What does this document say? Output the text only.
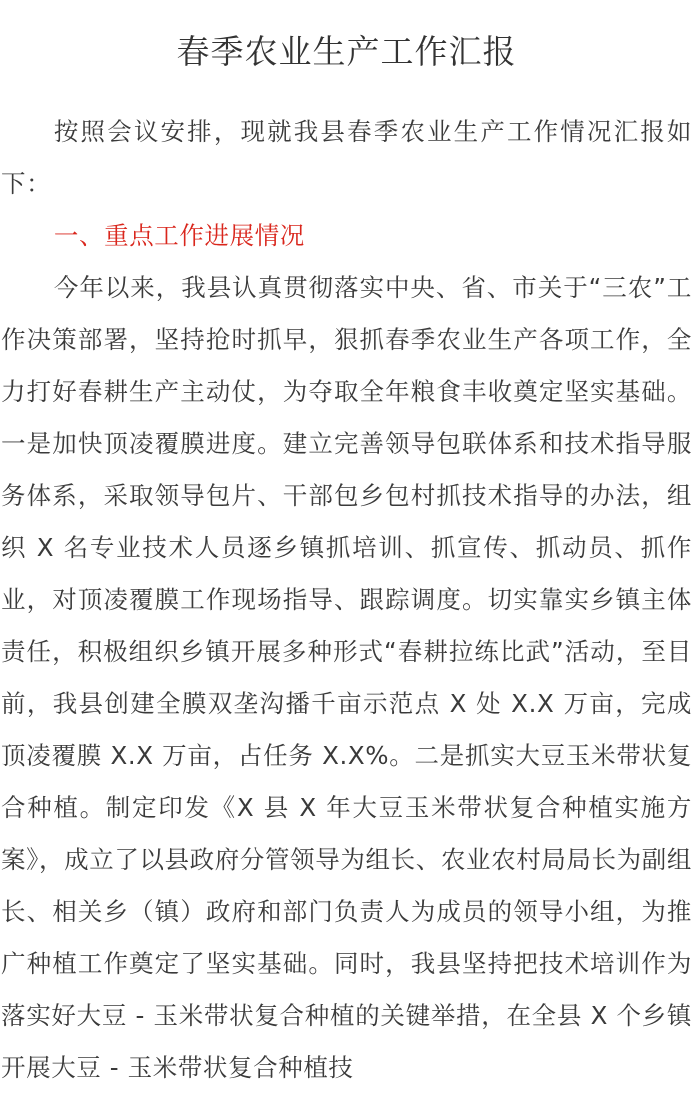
春季农业生产工作汇报

按照会议安排，现就我县春季农业生产工作情况汇报如下：

一、重点工作进展情况

今年以来，我县认真贯彻落实中央、省、市关于“三农”工作决策部署，坚持抢时抓早，狠抓春季农业生产各项工作，全力打好春耕生产主动仗，为夺取全年粮食丰收奠定坚实基础。一是加快顶凌覆膜进度。建立完善领导包联体系和技术指导服务体系，采取领导包片、干部包乡包村抓技术指导的办法，组织 X 名专业技术人员逐乡镇抓培训、抓宣传、抓动员、抓作业，对顶凌覆膜工作现场指导、跟踪调度。切实靠实乡镇主体责任，积极组织乡镇开展多种形式“春耕拉练比武”活动，至目前，我县创建全膜双垄沟播千亩示范点 X 处 X.X 万亩，完成顶凌覆膜 X.X 万亩，占任务 X.X%。二是抓实大豆玉米带状复合种植。制定印发《X 县 X 年大豆玉米带状复合种植实施方案》，成立了以县政府分管领导为组长、农业农村局局长为副组长、相关乡（镇）政府和部门负责人为成员的领导小组，为推广种植工作奠定了坚实基础。同时，我县坚持把技术培训作为落实好大豆 - 玉米带状复合种植的关键举措，在全县 X 个乡镇开展大豆 - 玉米带状复合种植技
